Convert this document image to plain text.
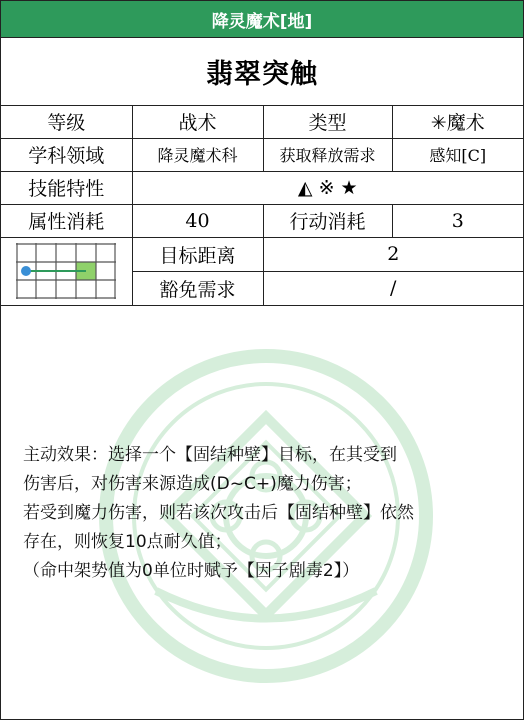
降灵魔术[地]
翡翠突触
等级	战术	类型	✳魔术
学科领域	降灵魔术科	获取释放需求	感知[C]
技能特性	◭ ※ ★		
属性消耗	40	行动消耗	3

	目标距离	2	
	豁免需求	/	

主动效果：选择一个【固结种壁】目标，在其受到

伤害后，对伤害来源造成(D~C+)魔力伤害；

若受到魔力伤害，则若该次攻击后【固结种壁】依然

存在，则恢复10点耐久值；

（命中架势值为0单位时赋予【因子剧毒2】）
